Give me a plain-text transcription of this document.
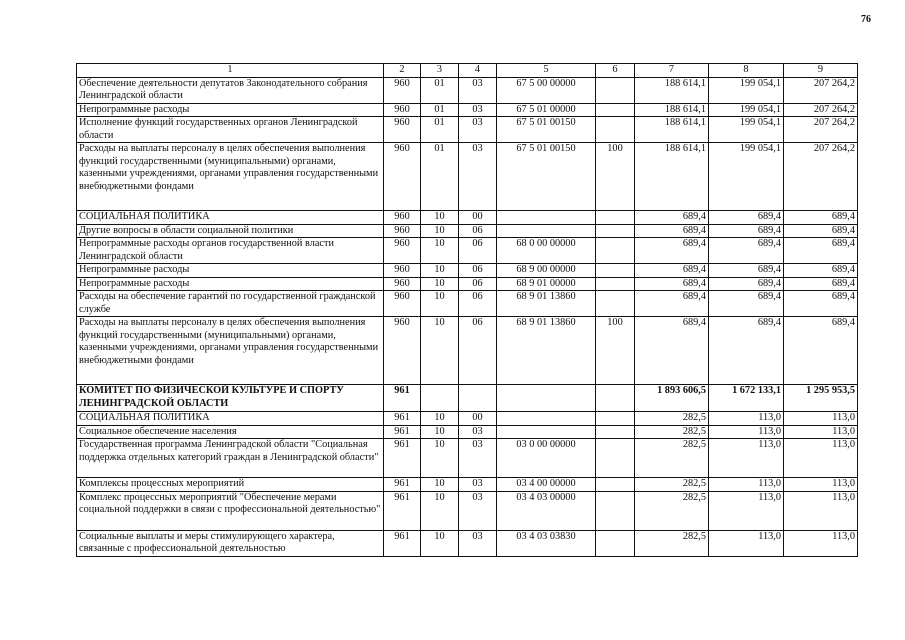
76
1	2	3	4	5	6	7	8	9
Обеспечение деятельности депутатов Законодательного собрания Ленинградской области	960	01	03	67 5 00 00000		188 614,1	199 054,1	207 264,2
Непрограммные расходы	960	01	03	67 5 01 00000		188 614,1	199 054,1	207 264,2
Исполнение функций государственных органов Ленинградской области	960	01	03	67 5 01 00150		188 614,1	199 054,1	207 264,2
Расходы на выплаты персоналу в целях обеспечения выполнения функций государственными (муниципальными) органами, казенными учреждениями, органами управления государственными внебюджетными фондами	960	01	03	67 5 01 00150	100	188 614,1	199 054,1	207 264,2
СОЦИАЛЬНАЯ ПОЛИТИКА	960	10	00			689,4	689,4	689,4
Другие вопросы в области социальной политики	960	10	06			689,4	689,4	689,4
Непрограммные расходы органов государственной власти Ленинградской области	960	10	06	68 0 00 00000		689,4	689,4	689,4
Непрограммные расходы	960	10	06	68 9 00 00000		689,4	689,4	689,4
Непрограммные расходы	960	10	06	68 9 01 00000		689,4	689,4	689,4
Расходы на обеспечение гарантий по государственной гражданской службе	960	10	06	68 9 01 13860		689,4	689,4	689,4
Расходы на выплаты персоналу в целях обеспечения выполнения функций государственными (муниципальными) органами, казенными учреждениями, органами управления государственными внебюджетными фондами	960	10	06	68 9 01 13860	100	689,4	689,4	689,4
КОМИТЕТ ПО ФИЗИЧЕСКОЙ КУЛЬТУРЕ И СПОРТУ ЛЕНИНГРАДСКОЙ ОБЛАСТИ	961					1 893 606,5	1 672 133,1	1 295 953,5
СОЦИАЛЬНАЯ ПОЛИТИКА	961	10	00			282,5	113,0	113,0
Социальное обеспечение населения	961	10	03			282,5	113,0	113,0
Государственная программа Ленинградской области "Социальная поддержка отдельных категорий граждан в Ленинградской области"	961	10	03	03 0 00 00000		282,5	113,0	113,0
Комплексы процессных мероприятий	961	10	03	03 4 00 00000		282,5	113,0	113,0
Комплекс процессных мероприятий "Обеспечение мерами социальной поддержки в связи с профессиональной деятельностью"	961	10	03	03 4 03 00000		282,5	113,0	113,0
Социальные выплаты и меры стимулирующего характера, связанные с профессиональной деятельностью	961	10	03	03 4 03 03830		282,5	113,0	113,0
